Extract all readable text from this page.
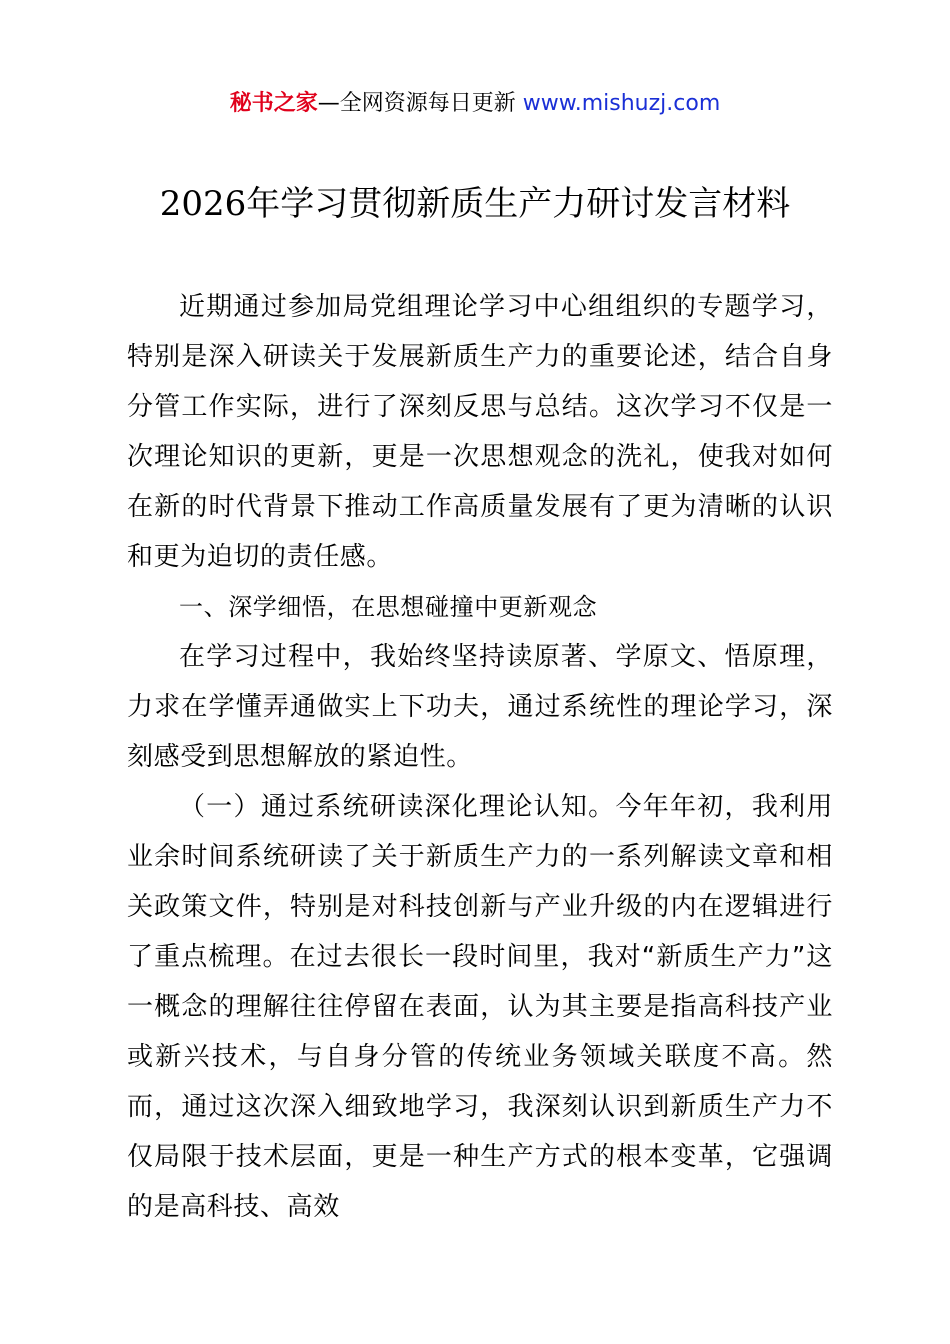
秘书之家—全网资源每日更新 www.mishuzj.com
2026年学习贯彻新质生产力研讨发言材料

近期通过参加局党组理论学习中心组组织的专题学习，特别是深入研读关于发展新质生产力的重要论述，结合自身分管工作实际，进行了深刻反思与总结。这次学习不仅是一次理论知识的更新，更是一次思想观念的洗礼，使我对如何在新的时代背景下推动工作高质量发展有了更为清晰的认识和更为迫切的责任感。

一、深学细悟，在思想碰撞中更新观念

在学习过程中，我始终坚持读原著、学原文、悟原理，力求在学懂弄通做实上下功夫，通过系统性的理论学习，深刻感受到思想解放的紧迫性。

（一）通过系统研读深化理论认知。今年年初，我利用业余时间系统研读了关于新质生产力的一系列解读文章和相关政策文件，特别是对科技创新与产业升级的内在逻辑进行了重点梳理。在过去很长一段时间里，我对“新质生产力”这一概念的理解往往停留在表面，认为其主要是指高科技产业或新兴技术，与自身分管的传统业务领域关联度不高。然而，通过这次深入细致地学习，我深刻认识到新质生产力不仅局限于技术层面，更是一种生产方式的根本变革，它强调的是高科技、高效
